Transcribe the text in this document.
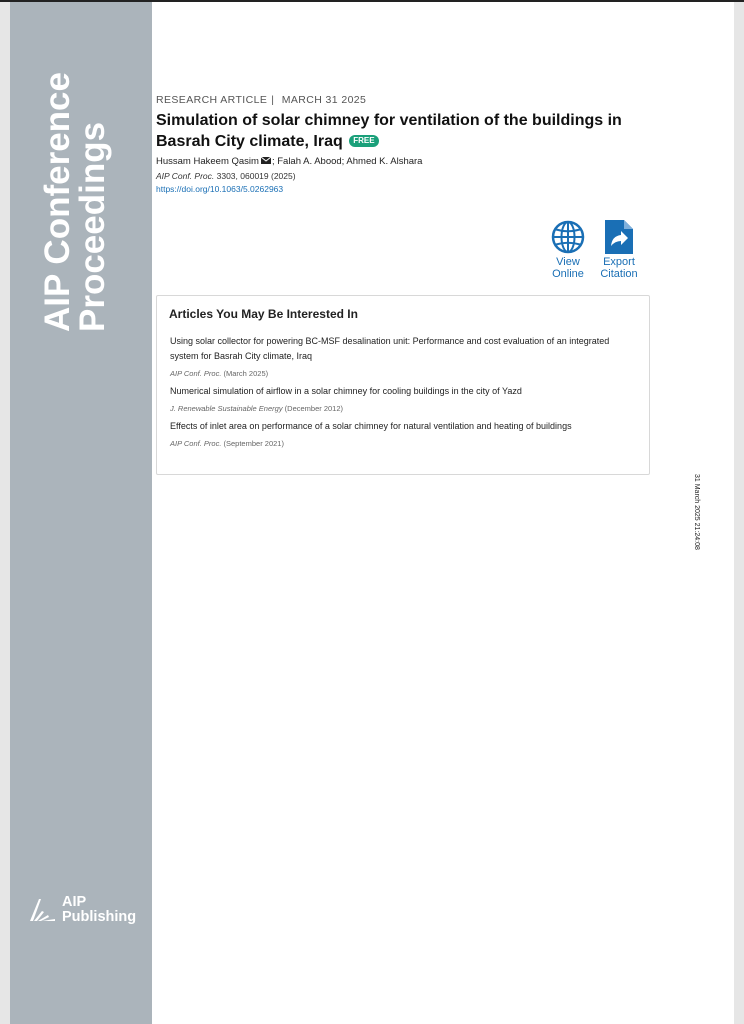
AIP Conference
Proceedings
AIP
Publishing

RESEARCH ARTICLE | MARCH 31 2025

Simulation of solar chimney for ventilation of the buildings in Basrah City climate, Iraq FREE
Hussam Hakeem Qasim ; Falah A. Abood; Ahmed K. Alshara
AIP Conf. Proc. 3303, 060019 (2025)
https://doi.org/10.1063/5.0262963
View
Online
Export
Citation
Articles You May Be Interested In
Using solar collector for powering BC-MSF desalination unit: Performance and cost evaluation of an integrated system for Basrah City climate, Iraq
AIP Conf. Proc. (March 2025)
Numerical simulation of airflow in a solar chimney for cooling buildings in the city of Yazd
J. Renewable Sustainable Energy (December 2012)
Effects of inlet area on performance of a solar chimney for natural ventilation and heating of buildings
AIP Conf. Proc. (September 2021)
31 March 2025 21:24:08
